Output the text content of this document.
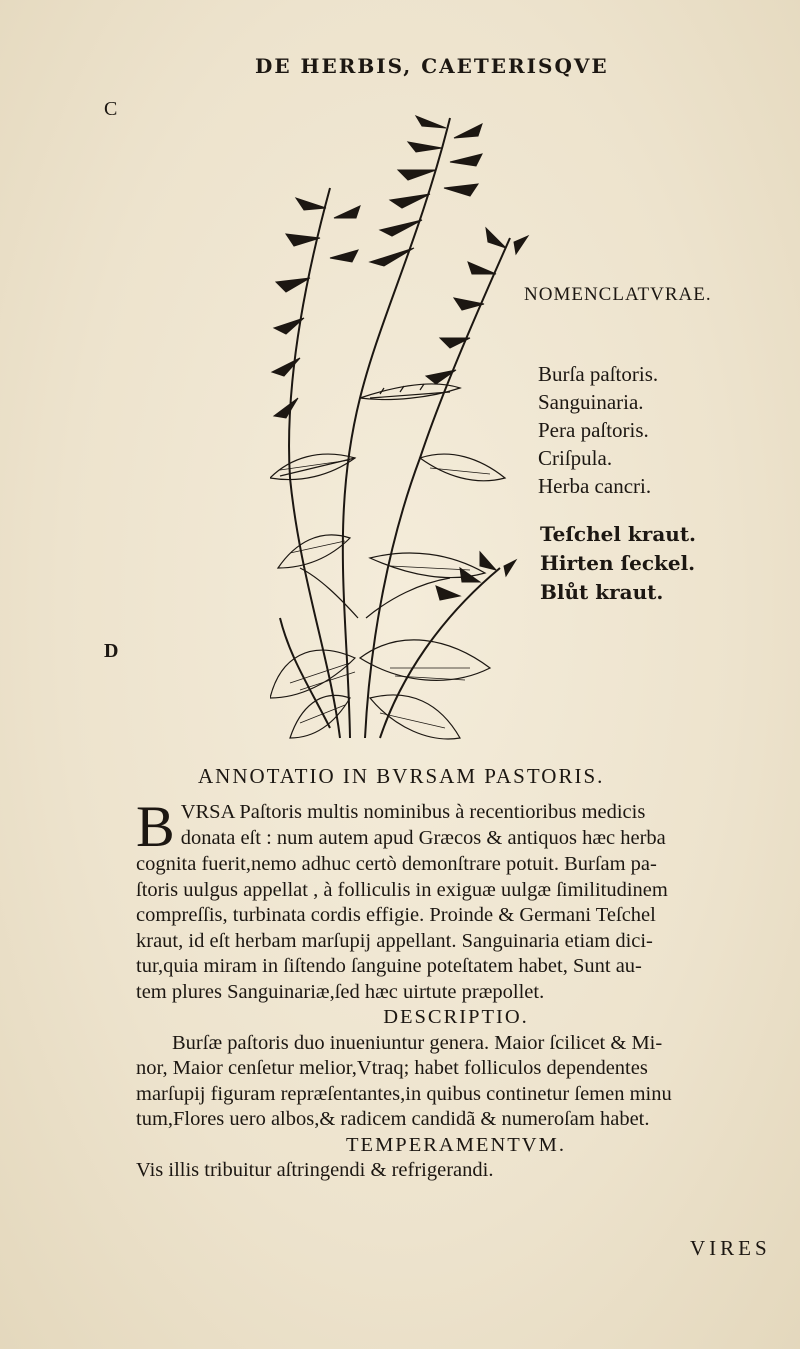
DE HERBIS, CAETERISQVE
C
D
NOMENCLATVRAE.
Burſa paſtoris.
Sanguinaria.
Pera paſtoris.
Criſpula.
Herba cancri.
Teſchel kraut.
Hirten ſeckel.
Blůt kraut.
ANNOTATIO IN BVRSAM PASTORIS.
B VRSA Paſtoris multis nominibus à recentioribus medicis
donata eſt : num autem apud Græcos & antiquos hæc herba
cognita fuerit,nemo adhuc certò demonſtrare potuit. Burſam pa-
ſtoris uulgus appellat , à folliculis in exiguæ uulgæ ſimilitudinem
compreſſis, turbinata cordis effigie. Proinde & Germani Teſchel
kraut, id eſt herbam marſupij appellant. Sanguinaria etiam dici-
tur,quia miram in ſiſtendo ſanguine poteſtatem habet, Sunt au-
tem plures Sanguinariæ,ſed hæc uirtute præpollet.
DESCRIPTIO.
Burſæ paſtoris duo inueniuntur genera. Maior ſcilicet & Mi-
nor, Maior cenſetur melior,Vtraq; habet folliculos dependentes
marſupij figuram repræſentantes,in quibus continetur ſemen minu
tum,Flores uero albos,& radicem candidã & numeroſam habet.
TEMPERAMENTVM.
Vis illis tribuitur aſtringendi & refrigerandi.
VIRES
